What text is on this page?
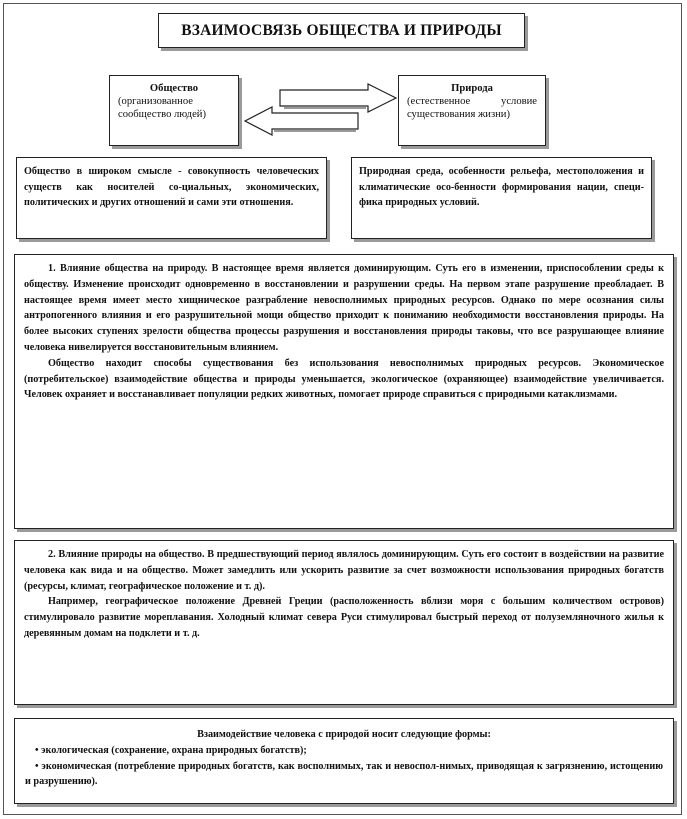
ВЗАИМОСВЯЗЬ ОБЩЕСТВА И ПРИРОДЫ
Общество
(организованное сообщество людей)
Природа
(естественное условие существования жизни)
Общество в широком смысле - совокупность человеческих существ как носителей со-циальных, экономических, политических и других отношений и сами эти отношения.
Природная среда, особенности рельефа, местоположения и климатические осо-бенности формирования нации, специ-фика природных условий.

1. Влияние общества на природу. В настоящее время является доминирующим. Суть его в изменении, приспособлении среды к обществу. Изменение происходит одновременно в восстановлении и разрушении среды. На первом этапе разрушение преобладает. В настоящее время имеет место хищническое разграбление невосполнимых природных ресурсов. Однако по мере осознания силы антропогенного влияния и его разрушительной мощи общество приходит к пониманию необходимости восстановления природы. На более высоких ступенях зрелости общества процессы разрушения и восстановления природы таковы, что все разрушающее влияние человека нивелируется восстановительным влиянием.

Общество находит способы существования без использования невосполнимых природных ресурсов. Экономическое (потребительское) взаимодействие общества и природы уменьшается, экологическое (охраняющее) взаимодействие увеличивается. Человек охраняет и восстанавливает популяции редких животных, помогает природе справиться с природными катаклизмами.

2. Влияние природы на общество. В предшествующий период являлось доминирующим. Суть его состоит в воздействии на развитие человека как вида и на общество. Может замедлить или ускорить развитие за счет возможности использования природных богатств (ресурсы, климат, географическое положение и т. д).

Например, географическое положение Древней Греции (расположенность вблизи моря с большим количеством островов) стимулировало развитие мореплавания. Холодный климат севера Руси стимулировал быстрый переход от полуземляночного жилья к деревянным домам на подклети и т. д.

Взаимодействие человека с природой носит следующие формы:
• экологическая (сохранение, охрана природных богатств);
• экономическая (потребление природных богатств, как восполнимых, так и невоспол-нимых, приводящая к загрязнению, истощению и разрушению).
